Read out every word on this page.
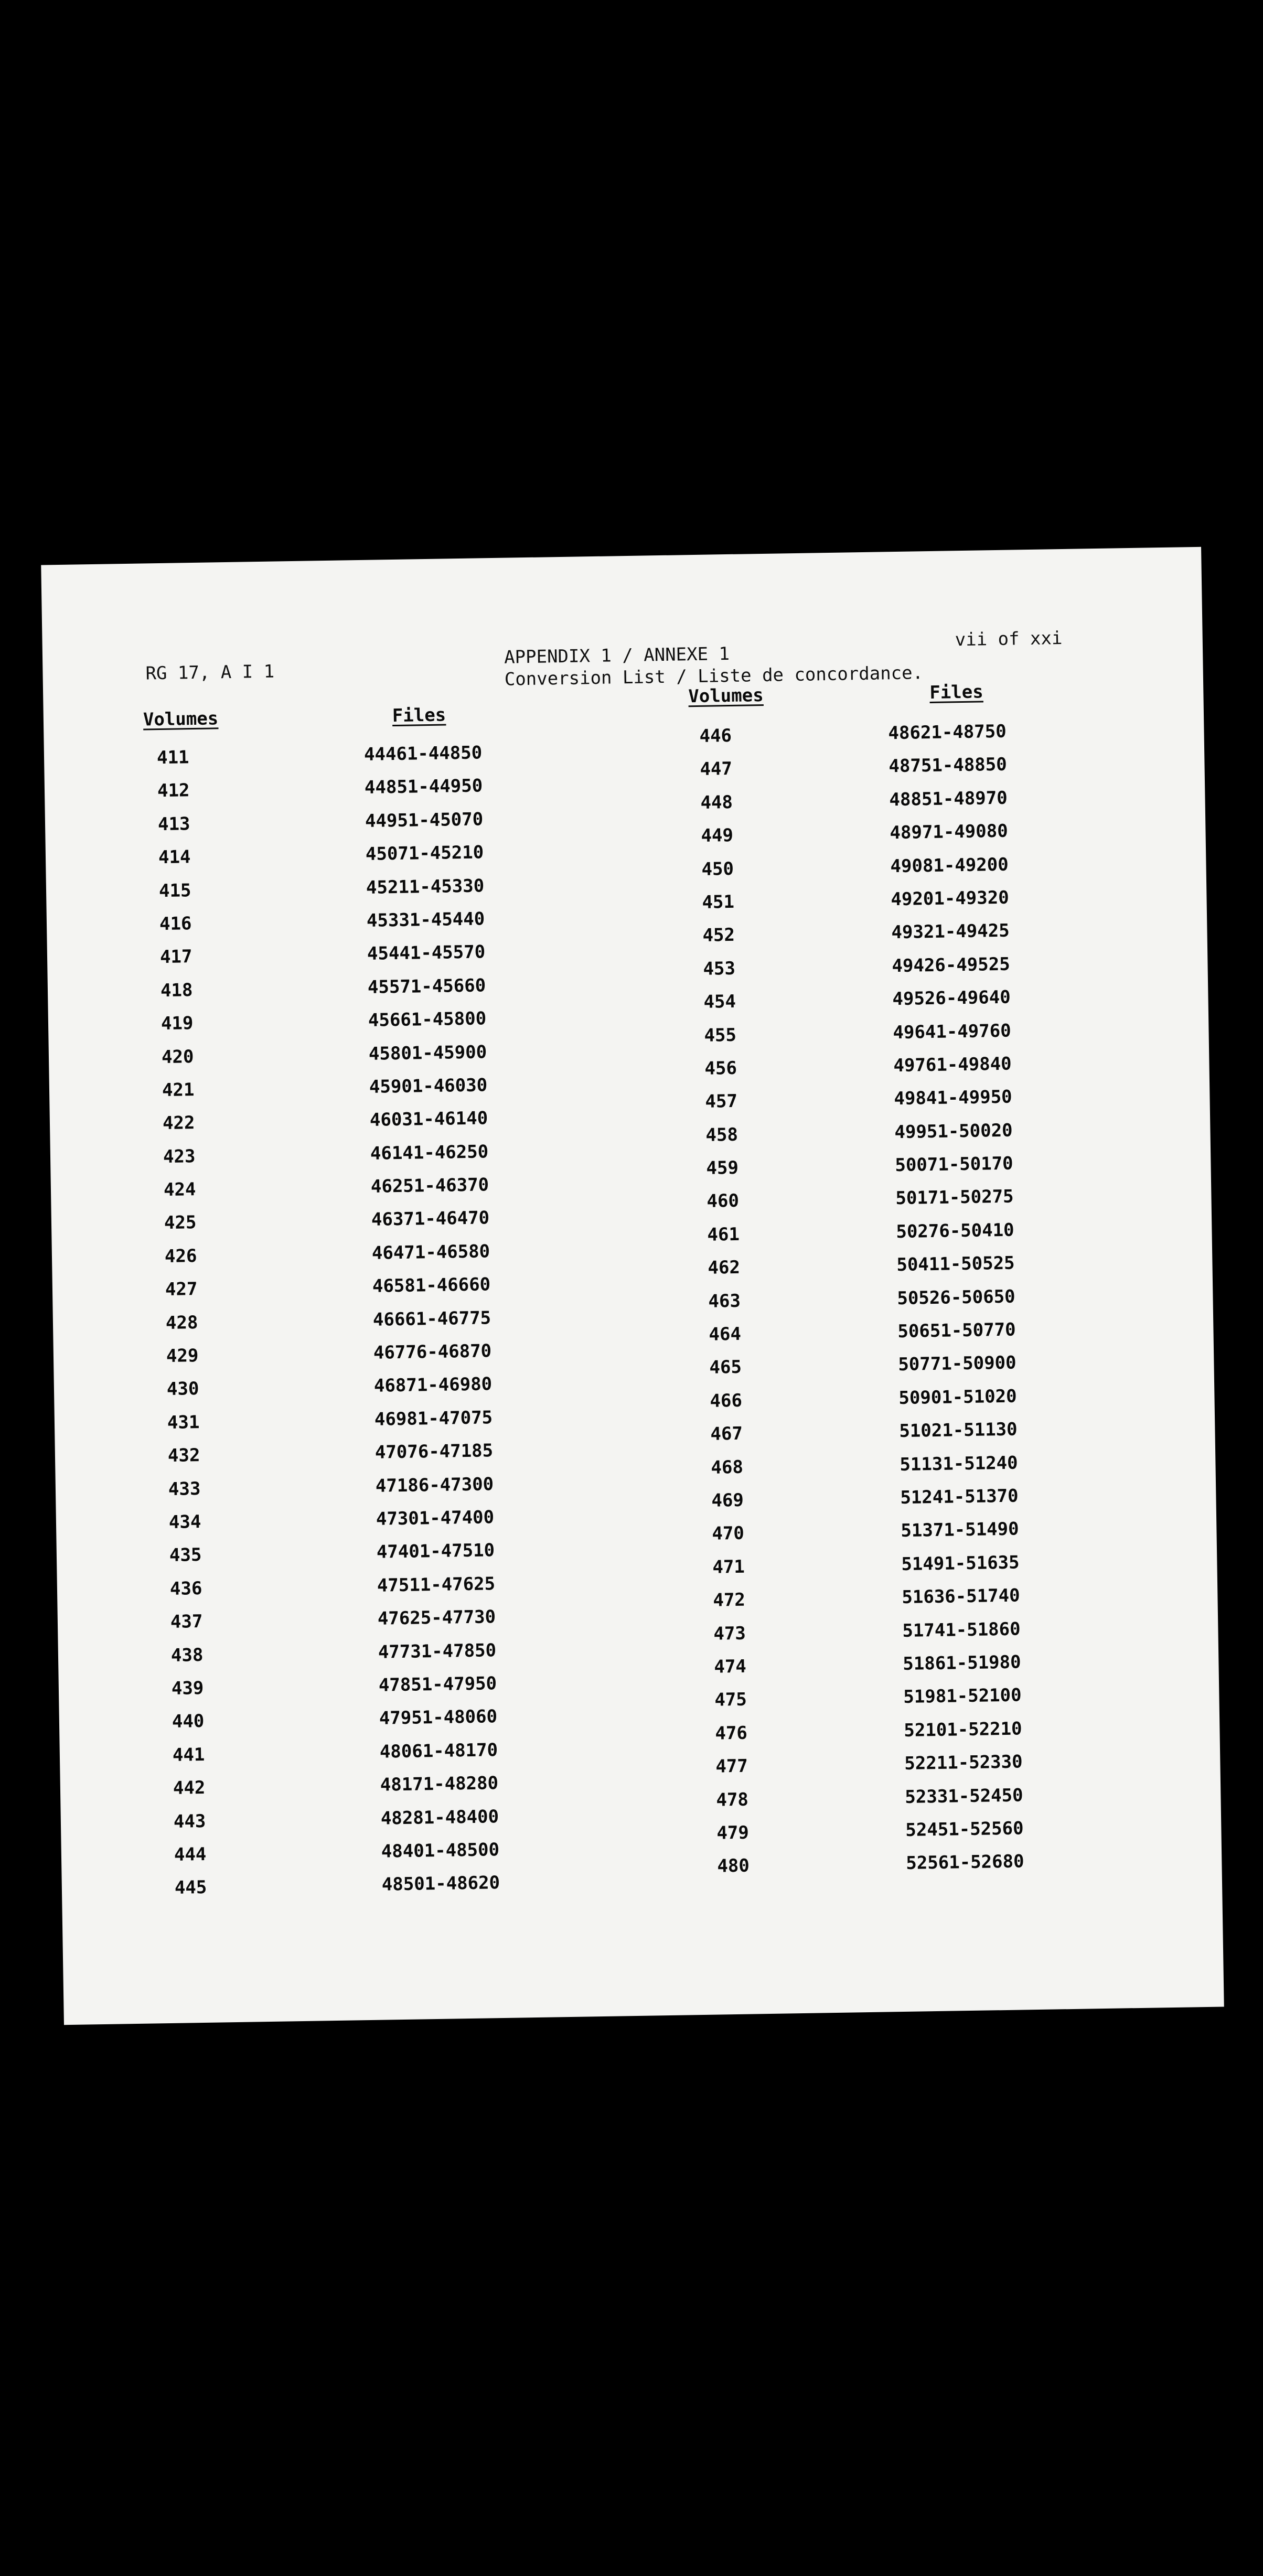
RG 17, A I 1
APPENDIX 1 / ANNEXE 1
Conversion List / Liste de concordance.
vii of xxi
Volumes	Files
Volumes	Files
411
412
413
414
415
416
417
418
419
420
421
422
423
424
425
426
427
428
429
430
431
432
433
434
435
436
437
438
439
440
441
442
443
444
445
44461-44850
44851-44950
44951-45070
45071-45210
45211-45330
45331-45440
45441-45570
45571-45660
45661-45800
45801-45900
45901-46030
46031-46140
46141-46250
46251-46370
46371-46470
46471-46580
46581-46660
46661-46775
46776-46870
46871-46980
46981-47075
47076-47185
47186-47300
47301-47400
47401-47510
47511-47625
47625-47730
47731-47850
47851-47950
47951-48060
48061-48170
48171-48280
48281-48400
48401-48500
48501-48620
446
447
448
449
450
451
452
453
454
455
456
457
458
459
460
461
462
463
464
465
466
467
468
469
470
471
472
473
474
475
476
477
478
479
480
48621-48750
48751-48850
48851-48970
48971-49080
49081-49200
49201-49320
49321-49425
49426-49525
49526-49640
49641-49760
49761-49840
49841-49950
49951-50020
50071-50170
50171-50275
50276-50410
50411-50525
50526-50650
50651-50770
50771-50900
50901-51020
51021-51130
51131-51240
51241-51370
51371-51490
51491-51635
51636-51740
51741-51860
51861-51980
51981-52100
52101-52210
52211-52330
52331-52450
52451-52560
52561-52680
